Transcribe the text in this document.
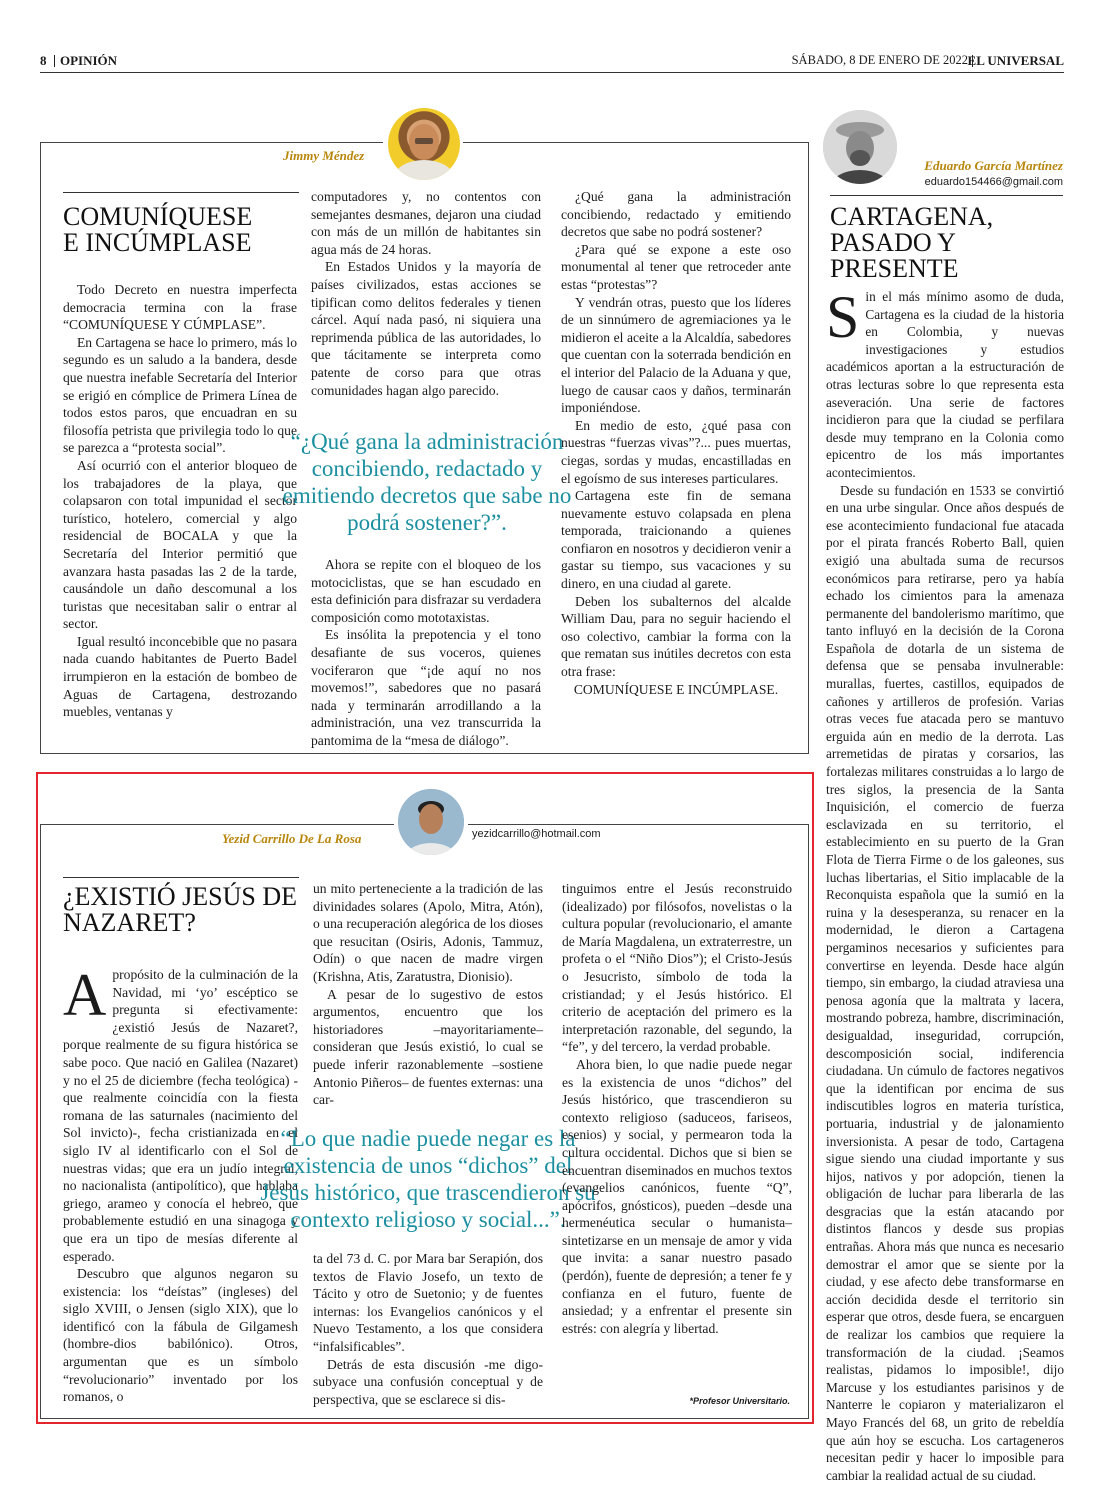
8 OPINIÓN	SÁBADO, 8 DE ENERO DE 2022 EL UNIVERSAL
Jimmy Méndez
COMUNÍQUESE
E INCÚMPLASE

Todo Decreto en nuestra imperfecta democracia termina con la frase “COMUNÍQUESE Y CÚMPLASE”.

En Cartagena se hace lo primero, más lo segundo es un saludo a la bandera, desde que nuestra inefable Secretaría del Interior se erigió en cómplice de Primera Línea de todos estos paros, que encuadran en su filosofía petrista que privilegia todo lo que se parezca a “protesta social”.

Así ocurrió con el anterior bloqueo de los trabajadores de la playa, que colapsaron con total impunidad el sector turístico, hotelero, comercial y algo residencial de BOCALA y que la Secretaría del Interior permitió que avanzara hasta pasadas las 2 de la tarde, causándole un daño descomunal a los turistas que necesitaban salir o entrar al sector.

Igual resultó inconcebible que no pasara nada cuando habitantes de Puerto Badel irrumpieron en la estación de bombeo de Aguas de Cartagena, destrozando muebles, ventanas y

computadores y, no contentos con semejantes desmanes, dejaron una ciudad con más de un millón de habitantes sin agua más de 24 horas.

En Estados Unidos y la mayoría de países civilizados, estas acciones se tipifican como delitos federales y tienen cárcel. Aquí nada pasó, ni siquiera una reprimenda pública de las autoridades, lo que tácitamente se interpreta como patente de corso para que otras comunidades hagan algo parecido.

“¿Qué gana la administración concibiendo, redactado y emitiendo decretos que sabe no podrá sostener?”.

Ahora se repite con el bloqueo de los motociclistas, que se han escudado en esta definición para disfrazar su verdadera composición como mototaxistas.

Es insólita la prepotencia y el tono desafiante de sus voceros, quienes vociferaron que “¡de aquí no nos movemos!”, sabedores que no pasará nada y terminarán arrodillando a la administración, una vez transcurrida la pantomima de la “mesa de diálogo”.

¿Qué gana la administración concibiendo, redactado y emitiendo decretos que sabe no podrá sostener?

¿Para qué se expone a este oso monumental al tener que retroceder ante estas “protestas”?

Y vendrán otras, puesto que los líderes de un sinnúmero de agremiaciones ya le midieron el aceite a la Alcaldía, sabedores que cuentan con la soterrada bendición en el interior del Palacio de la Aduana y que, luego de causar caos y daños, terminarán imponiéndose.

En medio de esto, ¿qué pasa con nuestras “fuerzas vivas”?... pues muertas, ciegas, sordas y mudas, encastilladas en el egoísmo de sus intereses particulares.

Cartagena este fin de semana nuevamente estuvo colapsada en plena temporada, traicionando a quienes confiaron en nosotros y decidieron venir a gastar su tiempo, sus vacaciones y su dinero, en una ciudad al garete.

Deben los subalternos del alcalde William Dau, para no seguir haciendo el oso colectivo, cambiar la forma con la que rematan sus inútiles decretos con esta otra frase:

COMUNÍQUESE E INCÚMPLASE.

Eduardo García Martínez
eduardo154466@gmail.com
CARTAGENA,
PASADO Y PRESENTE

Sin el más mínimo asomo de duda, Cartagena es la ciudad de la historia en Colombia, y nuevas investigaciones y estudios académicos aportan a la estructuración de otras lecturas sobre lo que representa esta aseveración. Una serie de factores incidieron para que la ciudad se perfilara desde muy temprano en la Colonia como epicentro de los más importantes acontecimientos.

Desde su fundación en 1533 se convirtió en una urbe singular. Once años después de ese acontecimiento fundacional fue atacada por el pirata francés Roberto Ball, quien exigió una abultada suma de recursos económicos para retirarse, pero ya había echado los cimientos para la amenaza permanente del bandolerismo marítimo, que tanto influyó en la decisión de la Corona Española de dotarla de un sistema de defensa que se pensaba invulnerable: murallas, fuertes, castillos, equipados de cañones y artilleros de profesión. Varias otras veces fue atacada pero se mantuvo erguida aún en medio de la derrota. Las arremetidas de piratas y corsarios, las fortalezas militares construidas a lo largo de tres siglos, la presencia de la Santa Inquisición, el comercio de fuerza esclavizada en su territorio, el establecimiento en su puerto de la Gran Flota de Tierra Firme o de los galeones, sus luchas libertarias, el Sitio implacable de la Reconquista española que la sumió en la ruina y la desesperanza, su renacer en la modernidad, le dieron a Cartagena pergaminos necesarios y suficientes para convertirse en leyenda. Desde hace algún tiempo, sin embargo, la ciudad atraviesa una penosa agonía que la maltrata y lacera, mostrando pobreza, hambre, discriminación, desigualdad, inseguridad, corrupción, descomposición social, indiferencia ciudadana. Un cúmulo de factores negativos que la identifican por encima de sus indiscutibles logros en materia turística, portuaria, industrial y de jalonamiento inversionista. A pesar de todo, Cartagena sigue siendo una ciudad importante y sus hijos, nativos y por adopción, tienen la obligación de luchar para liberarla de las desgracias que la están atacando por distintos flancos y desde sus propias entrañas. Ahora más que nunca es necesario demostrar el amor que se siente por la ciudad, y ese afecto debe transformarse en acción decidida desde el territorio sin esperar que otros, desde fuera, se encarguen de realizar los cambios que requiere la transformación de la ciudad. ¡Seamos realistas, pidamos lo imposible!, dijo Marcuse y los estudiantes parisinos y de Nanterre le copiaron y materializaron el Mayo Francés del 68, un grito de rebeldía que aún hoy se escucha. Los cartageneros necesitan pedir y hacer lo imposible para cambiar la realidad actual de su ciudad.

Yezid Carrillo De La Rosa	yezidcarrillo@hotmail.com
¿EXISTIÓ JESÚS DE
NAZARET?

Apropósito de la culminación de la Navidad, mi ‘yo’ escéptico se pregunta si efectivamente: ¿existió Jesús de Nazaret?, porque realmente de su figura histórica se sabe poco. Que nació en Galilea (Nazaret) y no el 25 de diciembre (fecha teológica) - que realmente coincidía con la fiesta romana de las saturnales (nacimiento del Sol invicto)-, fecha cristianizada en el siglo IV al identificarlo con el Sol de nuestras vidas; que era un judío integral, no nacionalista (antipolítico), que hablaba griego, arameo y conocía el hebreo, que probablemente estudió en una sinagoga y que era un tipo de mesías diferente al esperado.

Descubro que algunos negaron su existencia: los “deístas” (ingleses) del siglo XVIII, o Jensen (siglo XIX), que lo identificó con la fábula de Gilgamesh (hombre-dios babilónico). Otros, argumentan que es un símbolo “revolucionario” inventado por los romanos, o

un mito perteneciente a la tradición de las divinidades solares (Apolo, Mitra, Atón), o una recuperación alegórica de los dioses que resucitan (Osiris, Adonis, Tammuz, Odín) o que nacen de madre virgen (Krishna, Atis, Zaratustra, Dionisio).

A pesar de lo sugestivo de estos argumentos, encuentro que los historiadores –mayoritariamente– consideran que Jesús existió, lo cual se puede inferir razonablemente –sostiene Antonio Piñeros– de fuentes externas: una car-

“Lo que nadie puede negar es la existencia de unos “dichos” del Jesús histórico, que trascendieron su contexto religioso y social...”.

ta del 73 d. C. por Mara bar Serapión, dos textos de Flavio Josefo, un texto de Tácito y otro de Suetonio; y de fuentes internas: los Evangelios canónicos y el Nuevo Testamento, a los que considera “infalsificables”.

Detrás de esta discusión -me digo- subyace una confusión conceptual y de perspectiva, que se esclarece si dis-

tinguimos entre el Jesús reconstruido (idealizado) por filósofos, novelistas o la cultura popular (revolucionario, el amante de María Magdalena, un extraterrestre, un profeta o el “Niño Dios”); el Cristo-Jesús o Jesucristo, símbolo de toda la cristiandad; y el Jesús histórico. El criterio de aceptación del primero es la interpretación razonable, del segundo, la “fe”, y del tercero, la verdad probable.

Ahora bien, lo que nadie puede negar es la existencia de unos “dichos” del Jesús histórico, que trascendieron su contexto religioso (saduceos, fariseos, esenios) y social, y permearon toda la cultura occidental. Dichos que si bien se encuentran diseminados en muchos textos (evangelios canónicos, fuente “Q”, apócrifos, gnósticos), pueden –desde una hermenéutica secular o humanista– sintetizarse en un mensaje de amor y vida que invita: a sanar nuestro pasado (perdón), fuente de depresión; a tener fe y confianza en el futuro, fuente de ansiedad; y a enfrentar el presente sin estrés: con alegría y libertad.

*Profesor Universitario.
